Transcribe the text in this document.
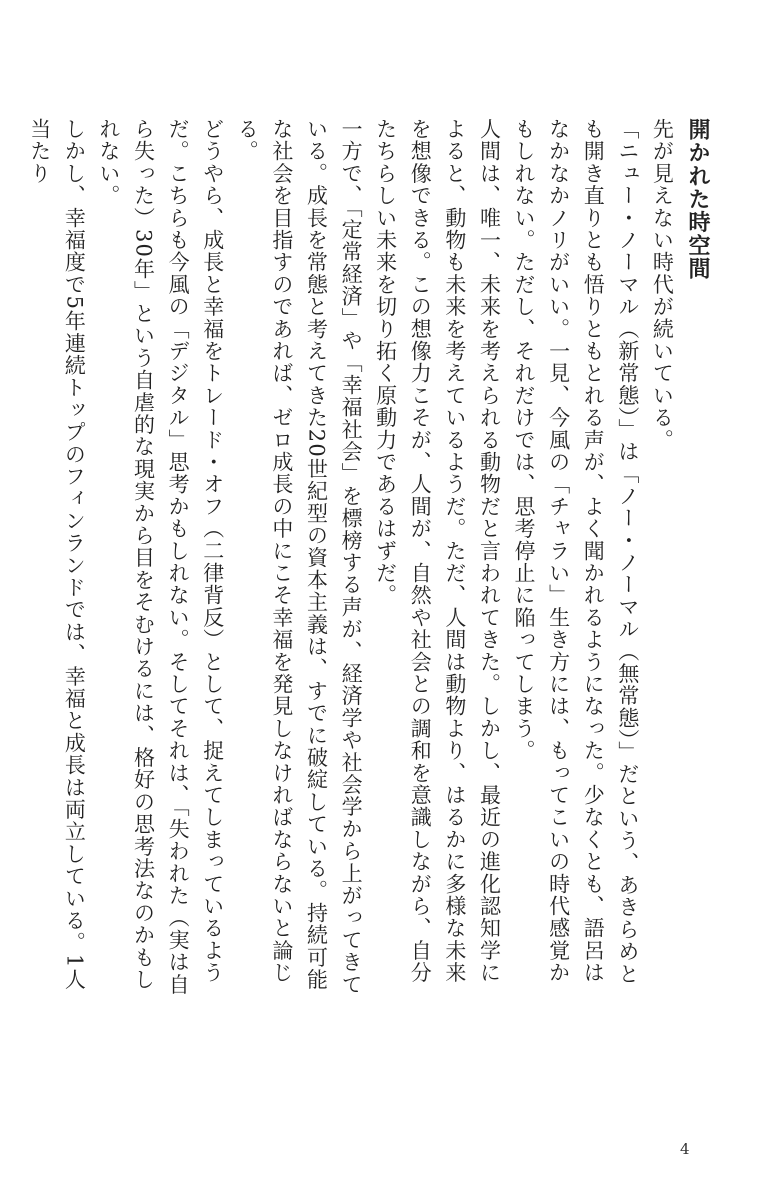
開かれた時空間

先が見えない時代が続いている。

「ニュー・ノーマル（新常態）」は「ノー・ノーマル（無常態）」だという、あきらめとも開き直りとも悟りともとれる声が、よく聞かれるようになった。少なくとも、語呂はなかなかノリがいい。一見、今風の「チャラい」生き方には、もってこいの時代感覚かもしれない。ただし、それだけでは、思考停止に陥ってしまう。

人間は、唯一、未来を考えられる動物だと言われてきた。しかし、最近の進化認知学によると、動物も未来を考えているようだ。ただ、人間は動物より、はるかに多様な未来を想像できる。この想像力こそが、人間が、自然や社会との調和を意識しながら、自分たちらしい未来を切り拓く原動力であるはずだ。

一方で、「定常経済」や「幸福社会」を標榜する声が、経済学や社会学から上がってきている。成長を常態と考えてきた20世紀型の資本主義は、すでに破綻している。持続可能な社会を目指すのであれば、ゼロ成長の中にこそ幸福を発見しなければならないと論じる。

どうやら、成長と幸福をトレード・オフ（二律背反）として、捉えてしまっているようだ。こちらも今風の「デジタル」思考かもしれない。そしてそれは、「失われた（実は自ら失った）30年」という自虐的な現実から目をそむけるには、格好の思考法なのかもしれない。

しかし、幸福度で5年連続トップのフィンランドでは、幸福と成長は両立している。1人当たり

4
